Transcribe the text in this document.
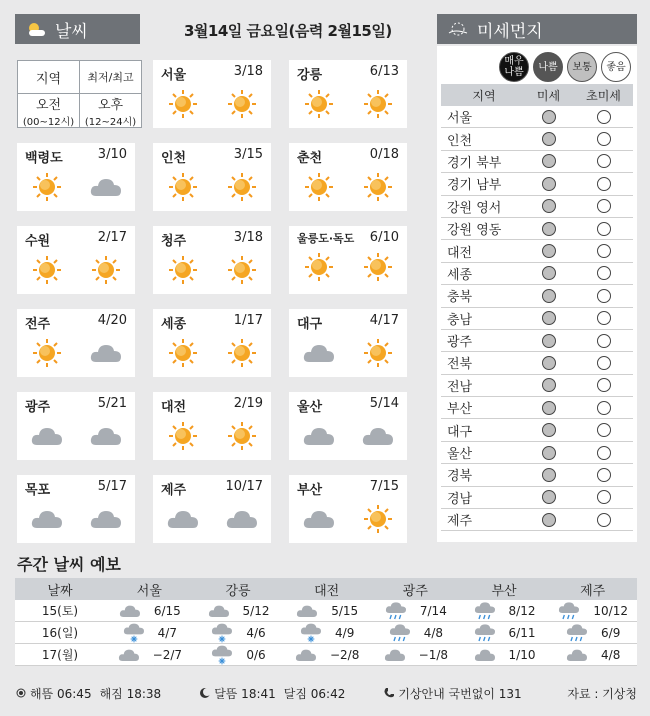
날씨	3월14일 금요일(음력 2월15일)	미세먼지
지역 최저/최고
오전
(00~12시)
오후
(12~24시)
서울	3/18	강릉	6/13
백령도	3/10	인천	3/15	춘천	0/18
수원	2/17	청주	3/18	울릉도·독도 6/10
전주	4/20	세종	1/17	대구	4/17
광주	5/21	대전	2/19	울산	5/14
목포	5/17	제주	10/17	부산	7/15
매우나쁨	나쁨	보통	좋음
지역	미세	초미세
서울
인천
경기 북부
경기 남부
강원 영서
강원 영동
대전
세종
충북
충남
광주
전북
전남
부산
대구
울산
경북
경남
제주
주간 날씨 예보
날짜	서울	강릉	대전	광주	부산	제주
15(토)	6/15	5/12	5/15	7/14	8/12	10/12
16(일)	4/7	4/6	4/9	4/8	6/11	6/9
17(월)	−2/7	0/6	−2/8	−1/8	1/10	4/8
해뜸 06:45 해짐 18:38	달뜸 18:41 달짐 06:42	기상안내 국번없이 131	자료 : 기상청
